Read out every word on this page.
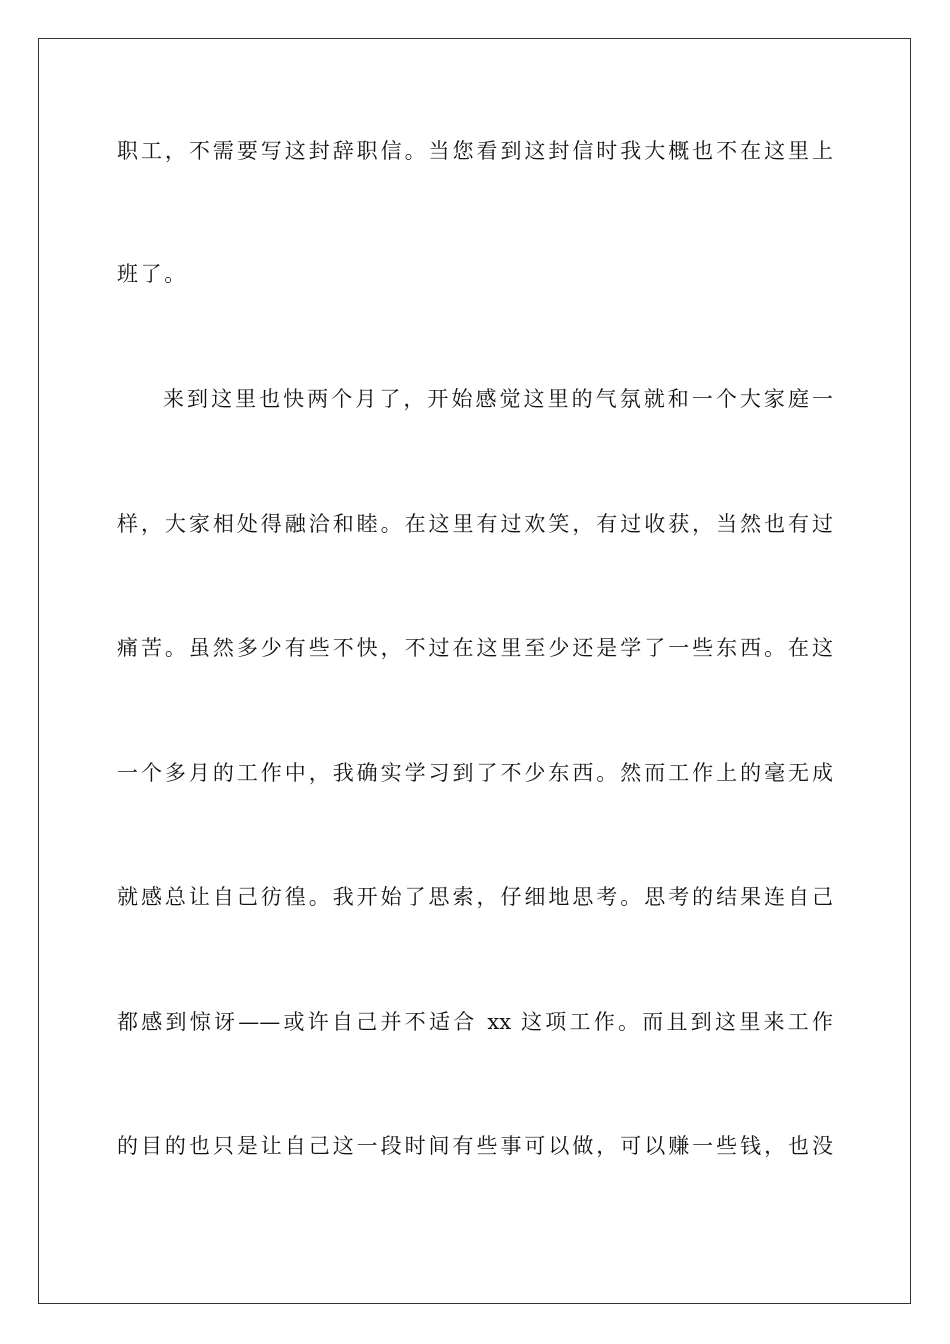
职工，不需要写这封辞职信。当您看到这封信时我大概也不在这里上
班了。
来到这里也快两个月了，开始感觉这里的气氛就和一个大家庭一
样，大家相处得融洽和睦。在这里有过欢笑，有过收获，当然也有过
痛苦。虽然多少有些不快，不过在这里至少还是学了一些东西。在这
一个多月的工作中，我确实学习到了不少东西。然而工作上的毫无成
就感总让自己彷徨。我开始了思索，仔细地思考。思考的结果连自己
都感到惊讶——或许自己并不适合 xx 这项工作。而且到这里来工作
的目的也只是让自己这一段时间有些事可以做，可以赚一些钱，也没
